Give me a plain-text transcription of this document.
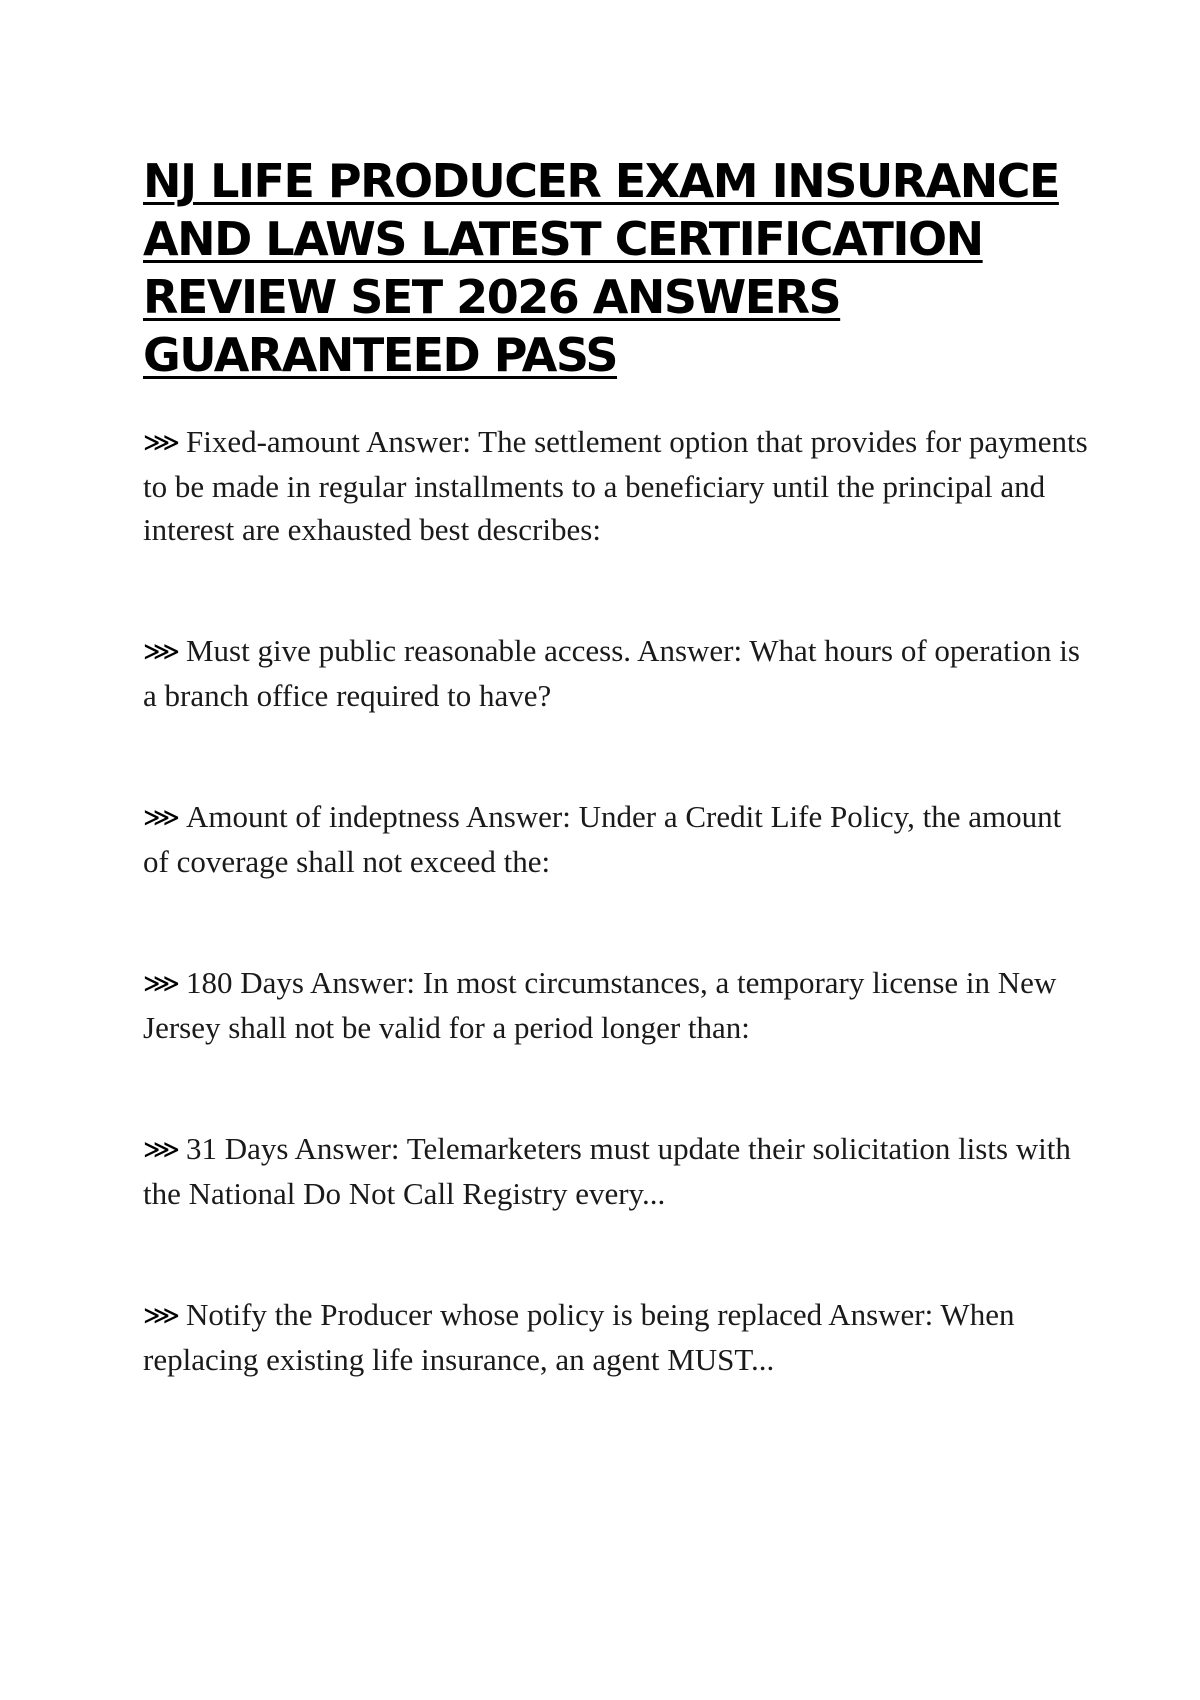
NJ LIFE PRODUCER EXAM INSURANCE AND LAWS LATEST CERTIFICATION REVIEW SET 2026 ANSWERS GUARANTEED PASS
⋙ Fixed-amount Answer: The settlement option that provides for payments to be made in regular installments to a beneficiary until the principal and interest are exhausted best describes:
⋙ Must give public reasonable access. Answer: What hours of operation is a branch office required to have?
⋙ Amount of indeptness Answer: Under a Credit Life Policy, the amount of coverage shall not exceed the:
⋙ 180 Days Answer: In most circumstances, a temporary license in New Jersey shall not be valid for a period longer than:
⋙ 31 Days Answer: Telemarketers must update their solicitation lists with the National Do Not Call Registry every...
⋙ Notify the Producer whose policy is being replaced Answer: When replacing existing life insurance, an agent MUST...
